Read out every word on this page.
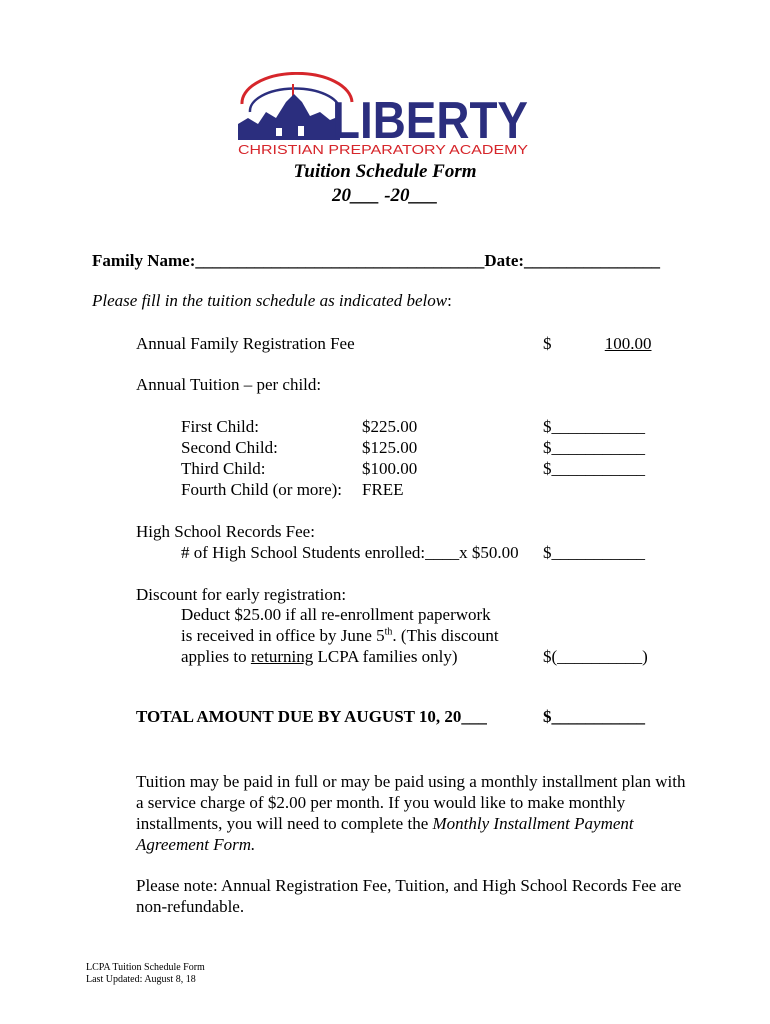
LIBERTY
CHRISTIAN PREPARATORY ACADEMY
Tuition Schedule Form
20___ -20___
Family Name:__________________________________Date:________________
Please fill in the tuition schedule as indicated below:
Annual Family Registration Fee	$	100.00
Annual Tuition – per child:
First Child:	$225.00	$___________
Second Child:	$125.00	$___________
Third Child:	$100.00	$___________
Fourth Child (or more): FREE
High School Records Fee:
# of High School Students enrolled:____x $50.00 $___________
Discount for early registration:
Deduct $25.00 if all re-enrollment paperwork
is received in office by June 5th. (This discount
applies to returning LCPA families only)	$(__________)
TOTAL AMOUNT DUE BY AUGUST 10, 20___	$___________
Tuition may be paid in full or may be paid using a monthly installment plan with a service charge of $2.00 per month. If you would like to make monthly installments, you will need to complete the Monthly Installment Payment Agreement Form.
Please note: Annual Registration Fee, Tuition, and High School Records Fee are non-refundable.
LCPA Tuition Schedule Form
Last Updated: August 8, 18
